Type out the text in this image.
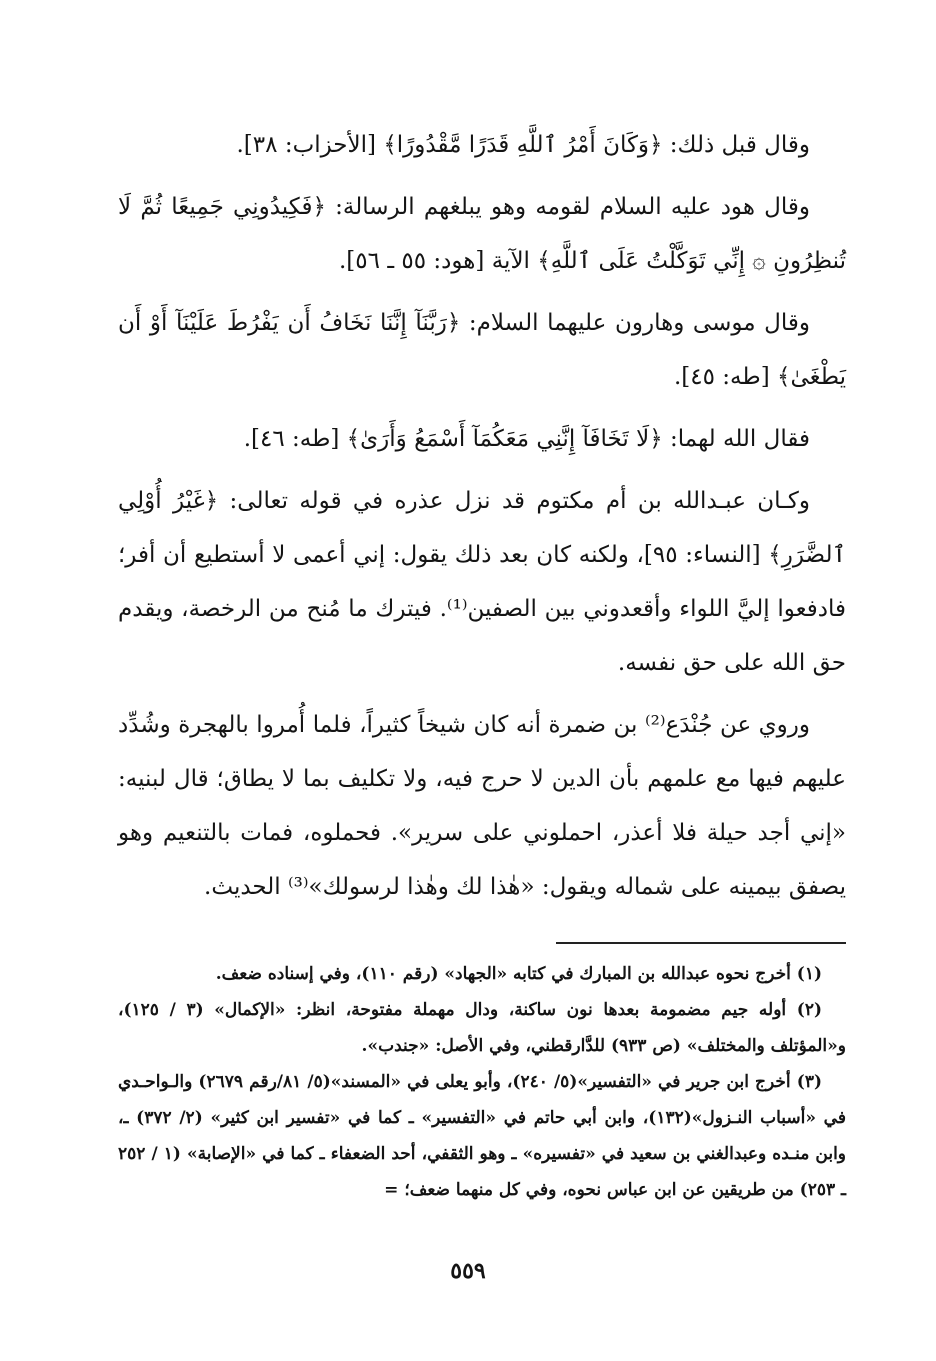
وقال قبل ذلك: ﴿وَكَانَ أَمْرُ ٱللَّهِ قَدَرًا مَّقْدُورًا﴾ [الأحزاب: ٣٨].

وقال هود عليه السلام لقومه وهو يبلغهم الرسالة: ﴿فَكِيدُونِي جَمِيعًا ثُمَّ لَا تُنظِرُونِ ۞ إِنِّي تَوَكَّلْتُ عَلَى ٱللَّهِ﴾ الآية [هود: ٥٥ ـ ٥٦].

وقال موسى وهارون عليهما السلام: ﴿رَبَّنَآ إِنَّنَا نَخَافُ أَن يَفْرُطَ عَلَيْنَآ أَوْ أَن يَطْغَىٰ﴾ [طه: ٤٥].

فقال الله لهما: ﴿لَا تَخَافَآ إِنَّنِي مَعَكُمَآ أَسْمَعُ وَأَرَىٰ﴾ [طه: ٤٦].

وكـان عبـدالله بن أم مكتوم قد نزل عذره في قوله تعالى: ﴿غَيْرُ أُوْلِي ٱلضَّرَرِ﴾ [النساء: ٩٥]، ولكنه كان بعد ذلك يقول: إني أعمى لا أستطيع أن أفر؛ فادفعوا إليَّ اللواء وأقعدوني بين الصفين⁽¹⁾. فيترك ما مُنح من الرخصة، ويقدم حق الله على حق نفسه.

وروي عن جُنْدَع⁽²⁾ بن ضمرة أنه كان شيخاً كثيراً، فلما أُمروا بالهجرة وشُدِّد عليهم فيها مع علمهم بأن الدين لا حرج فيه، ولا تكليف بما لا يطاق؛ قال لبنيه: «إني أجد حيلة فلا أعذر، احملوني على سرير». فحملوه، فمات بالتنعيم وهو يصفق بيمينه على شماله ويقول: «هٰذا لك وهٰذا لرسولك»⁽³⁾ الحديث.

(١) أخرج نحوه عبدالله بن المبارك في كتابه «الجهاد» (رقم ١١٠)، وفي إسناده ضعف.

(٢) أوله جيم مضمومة بعدها نون ساكنة، ودال مهملة مفتوحة، انظر: «الإكمال» (٣ / ١٢٥)، و«المؤتلف والمختلف» (ص ٩٣٣) للدَّارقطني، وفي الأصل: «جندب».

(٣) أخرج ابن جرير في «التفسير»(٥/ ٢٤٠)، وأبو يعلى في «المسند»(٥/ ٨١/رقم ٢٦٧٩) والـواحـدي في «أسباب النـزول»(١٣٢)، وابن أبي حاتم في «التفسير» ـ كما في «تفسير ابن كثير» (٢/ ٣٧٢) ـ، وابن منـده وعبدالغني بن سعيد في «تفسيره» ـ وهو الثقفي، أحد الضعفاء ـ كما في «الإصابة» (١ / ٢٥٢ ـ ٢٥٣) من طريقين عن ابن عباس نحوه، وفي كل منهما ضعف؛ =

٥٥٩
